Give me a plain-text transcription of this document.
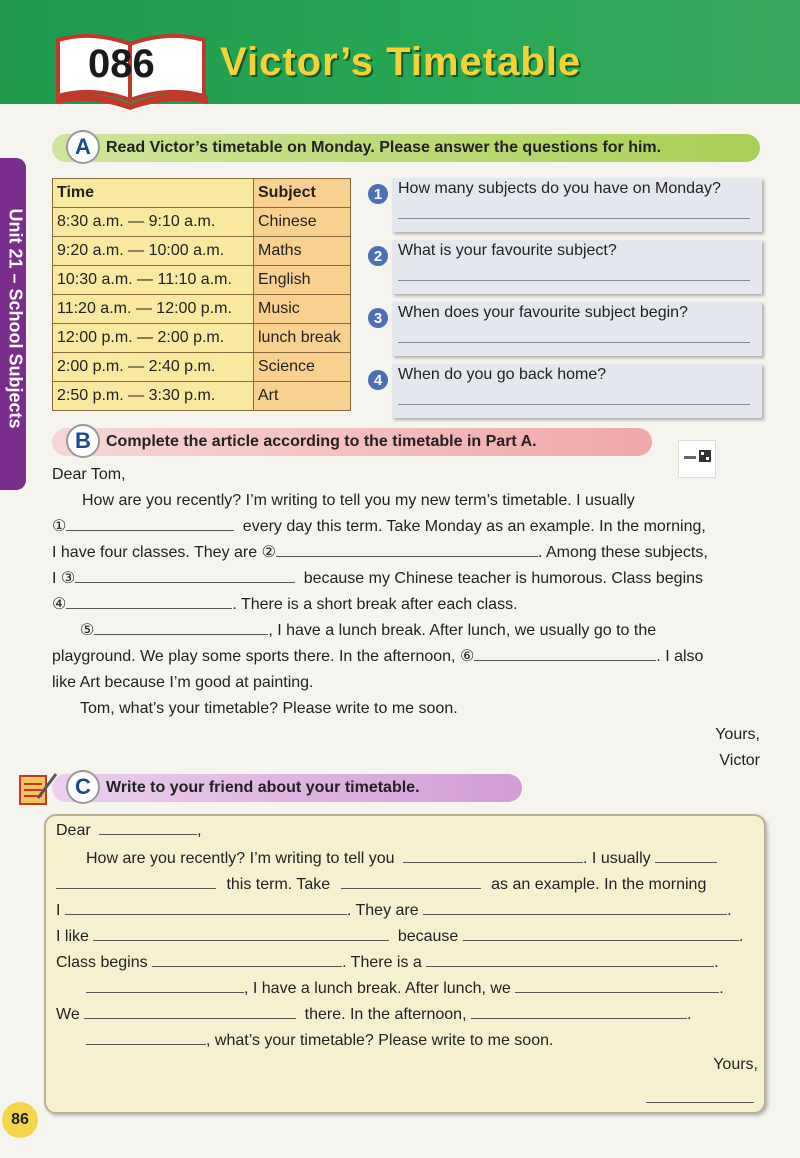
086 Victor’s Timetable
Unit 21 – School Subjects
A Read Victor’s timetable on Monday. Please answer the questions for him.
Time	Subject
8:30 a.m. — 9:10 a.m.	Chinese
9:20 a.m. — 10:00 a.m.	Maths
10:30 a.m. — 11:10 a.m.	English
11:20 a.m. — 12:00 p.m.	Music
12:00 p.m. — 2:00 p.m.	lunch break
2:00 p.m. — 2:40 p.m.	Science
2:50 p.m. — 3:30 p.m.	Art
1 How many subjects do you have on Monday?
2 What is your favourite subject?
3 When does your favourite subject begin?
4 When do you go back home?
B Complete the article according to the timetable in Part A.
Dear Tom,
How are you recently? I’m writing to tell you my new term’s timetable. I usually
①	every day this term. Take Monday as an example. In the morning,
I have four classes. They are ②	. Among these subjects,
I ③	because my Chinese teacher is humorous. Class begins
④	. There is a short break after each class.
⑤	, I have a lunch break. After lunch, we usually go to the
playground. We play some sports there. In the afternoon, ⑥	. I also
like Art because I’m good at painting.
Tom, what’s your timetable? Please write to me soon.
Yours,
Victor
C Write to your friend about your timetable.
Dear	,
How are you recently? I’m writing to tell you	. I usually
this term. Take	as an example. In the morning
I	. They are	.
I like	because	.
Class begins	. There is a	.
, I have a lunch break. After lunch, we	.
We	there. In the afternoon,	.
, what’s your timetable? Please write to me soon.
Yours,
86
